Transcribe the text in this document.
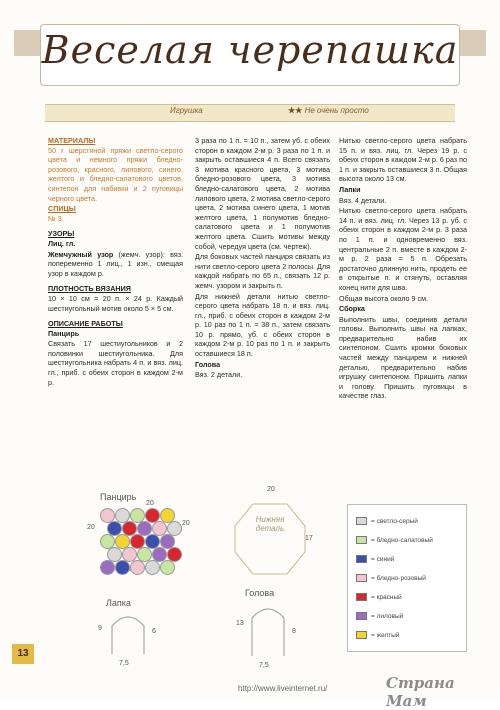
Веселая черепашка
Игрушка	★★ Не очень просто
МАТЕРИАЛЫ

50 г шерстяной пряжи светло-серого цвета и немного пряжи бледно-розового, красного, лилового, синего, желтого и бледно-салатового цветов, синтепон для набивки и 2 пуговицы черного цвета.

СПИЦЫ

№ 3.

УЗОРЫ

Лиц. гл.

Жемчужный узор (жемч. узор): вяз. попеременно 1 лиц., 1 изн., смещая узор в каждом р.

ПЛОТНОСТЬ ВЯЗАНИЯ

10 × 10 см = 20 п. × 24 р. Каждый шестиугольный мотив около 5 × 5 см.

ОПИСАНИЕ РАБОТЫ

Панцирь

Связать 17 шестиугольников и 2 половинки шестиугольника. Для шестиугольника набрать 4 п. и вяз. лиц. гл., приб. с обеих сторон в каждом 2-м р.

3 раза по 1 п. = 10 п., затем уб. с обеих сторон в каждом 2-м р. 3 раза по 1 п. и закрыть оставшиеся 4 п. Всего связать 3 мотива красного цвета, 3 мотива бледно-розового цвета, 3 мотива бледно-салатового цвета, 2 мотива лилового цвета, 2 мотива светло-серого цвета, 2 мотива синего цвета, 1 мотив желтого цвета, 1 полумотив бледно-салатового цвета и 1 полумотив желтого цвета. Сшить мотивы между собой, чередуя цвета (см. чертеж).

Для боковых частей панциря связать из нити светло-серого цвета 2 полосы. Для каждой набрать по 65 п., связать 12 р. жемч. узором и закрыть п.

Для нижней детали нитью светло-серого цвета набрать 18 п. и вяз. лиц. гл., приб. с обеих сторон в каждом 2-м р. 10 раз по 1 п. = 38 п., затем связать 10 р. прямо, уб. с обеих сторон в каждом 2-м р. 10 раз по 1 п. и закрыть оставшиеся 18 п.

Голова

Вяз. 2 детали.

Нитью светло-серого цвета набрать 15 п. и вяз. лиц. гл. Через 19 р. с обеих сторон в каждом 2-м р. 6 раз по 1 п. и закрыть оставшиеся 3 п. Общая высота около 13 см.

Лапки

Вяз. 4 детали.

Нитью светло-серого цвета набрать 14 п. и вяз. лиц. гл. Через 13 р. уб. с обеих сторон в каждом 2-м р. 3 раза по 1 п. и одновременно вяз. центральные 2 п. вместе в каждом 2-м р. 2 раза = 5 п. Обрезать достаточно длинную нить, продеть ее в открытые п. и стянуть, оставляя конец нити для шва.

Общая высота около 9 см.

Сборка

Выполнить швы, соединив детали головы. Выполнить швы на лапках, предварительно набив их синтепоном. Сшить кромки боковых частей между панцирем и нижней деталью, предварительно набив игрушку синтепоном. Пришить лапки и голову. Пришить пуговицы в качестве глаз.

Панцирь
20
20
20	Нижняя деталь
20
17
Лапка
9	6
7,5
Голова
13
8
7,5
= светло-серый
= бледно-салатовый
= синий
= бледно-розовый
= красный
= лиловый
= желтый
13
http://www.liveinternet.ru/	Страна Мам
